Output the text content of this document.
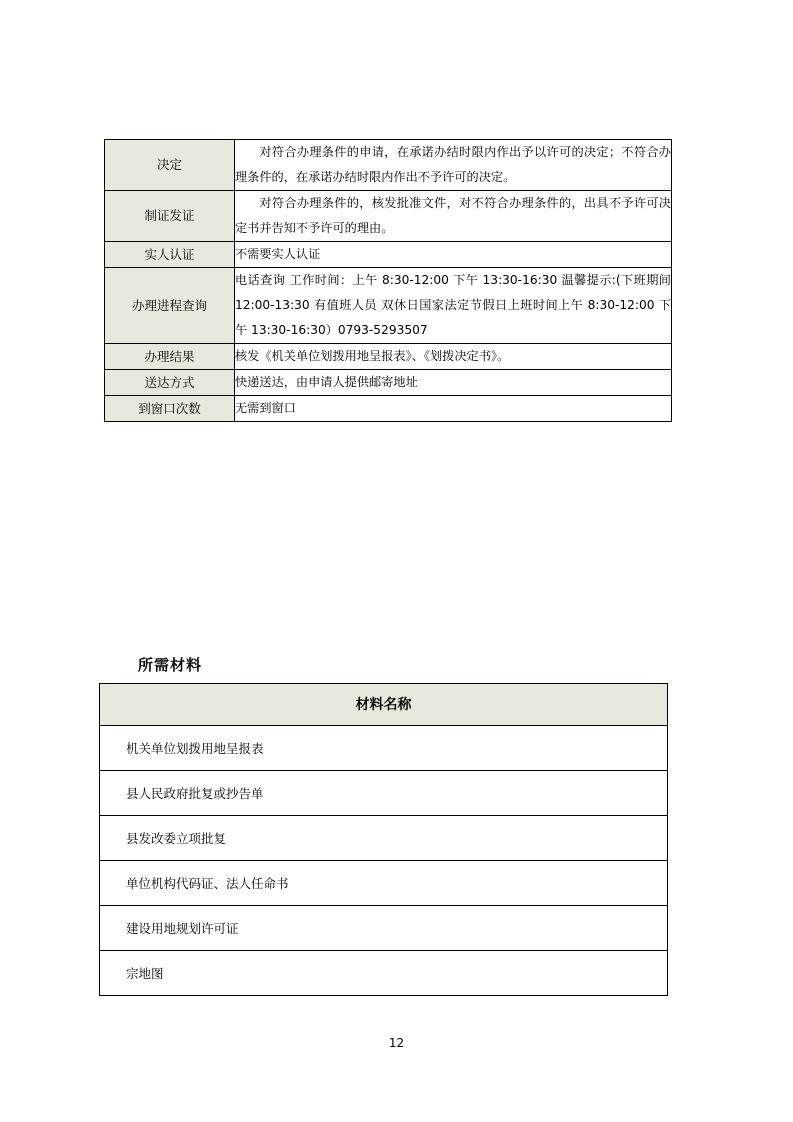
决定	对符合办理条件的申请，在承诺办结时限内作出予以许可的决定；不符合办理条件的，在承诺办结时限内作出不予许可的决定。
制证发证	对符合办理条件的，核发批准文件，对不符合办理条件的，出具不予许可决定书并告知不予许可的理由。
实人认证	不需要实人认证
办理进程查询	电话查询 工作时间：上午 8:30-12:00 下午 13:30-16:30 温馨提示:(下班期间 12:00-13:30 有值班人员 双休日国家法定节假日上班时间上午 8:30-12:00 下午 13:30-16:30）0793-5293507
办理结果	核发《机关单位划拨用地呈报表》、《划拨决定书》。
送达方式	快递送达，由申请人提供邮寄地址
到窗口次数	无需到窗口
所需材料
材料名称
机关单位划拨用地呈报表
县人民政府批复或抄告单
县发改委立项批复
单位机构代码证、法人任命书
建设用地规划许可证
宗地图
12
